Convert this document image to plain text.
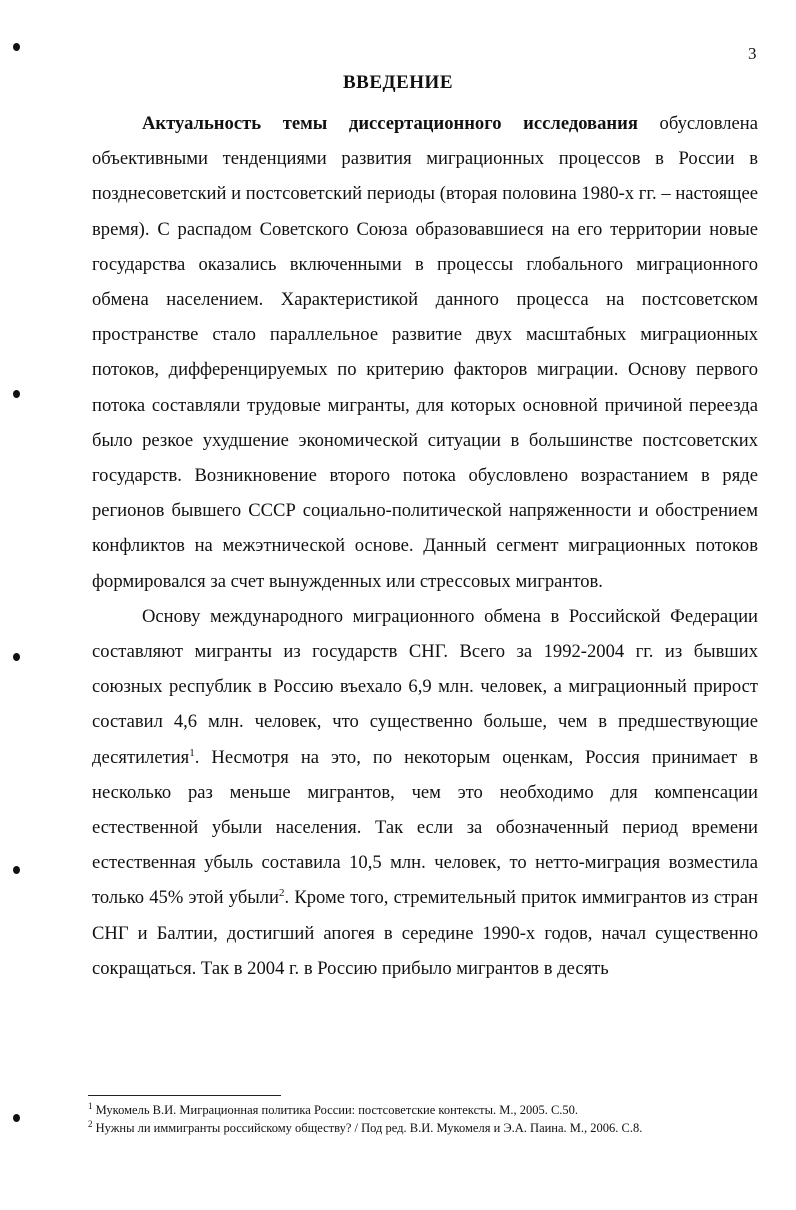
3
ВВЕДЕНИЕ

Актуальность темы диссертационного исследования обусловлена объективными тенденциями развития миграционных процессов в России в позднесоветский и постсоветский периоды (вторая половина 1980-х гг. – настоящее время). С распадом Советского Союза образовавшиеся на его территории новые государства оказались включенными в процессы глобального миграционного обмена населением. Характеристикой данного процесса на постсоветском пространстве стало параллельное развитие двух масштабных миграционных потоков, дифференцируемых по критерию факторов миграции. Основу первого потока составляли трудовые мигранты, для которых основной причиной переезда было резкое ухудшение экономической ситуации в большинстве постсоветских государств. Возникновение второго потока обусловлено возрастанием в ряде регионов бывшего СССР социально-политической напряженности и обострением конфликтов на межэтнической основе. Данный сегмент миграционных потоков формировался за счет вынужденных или стрессовых мигрантов.

Основу международного миграционного обмена в Российской Федерации составляют мигранты из государств СНГ. Всего за 1992-2004 гг. из бывших союзных республик в Россию въехало 6,9 млн. человек, а миграционный прирост составил 4,6 млн. человек, что существенно больше, чем в предшествующие десятилетия$^1$. Несмотря на это, по некоторым оценкам, Россия принимает в несколько раз меньше мигрантов, чем это необходимо для компенсации естественной убыли населения. Так если за обозначенный период времени естественная убыль составила 10,5 млн. человек, то нетто-миграция возместила только 45% этой убыли$^2$. Кроме того, стремительный приток иммигрантов из стран СНГ и Балтии, достигший апогея в середине 1990-х годов, начал существенно сокращаться. Так в 2004 г. в Россию прибыло мигрантов в десять

$^1$ Мукомель В.И. Миграционная политика России: постсоветские контексты. М., 2005. С.50.
$^2$ Нужны ли иммигранты российскому обществу? / Под ред. В.И. Мукомеля и Э.А. Паина. М., 2006. С.8.
